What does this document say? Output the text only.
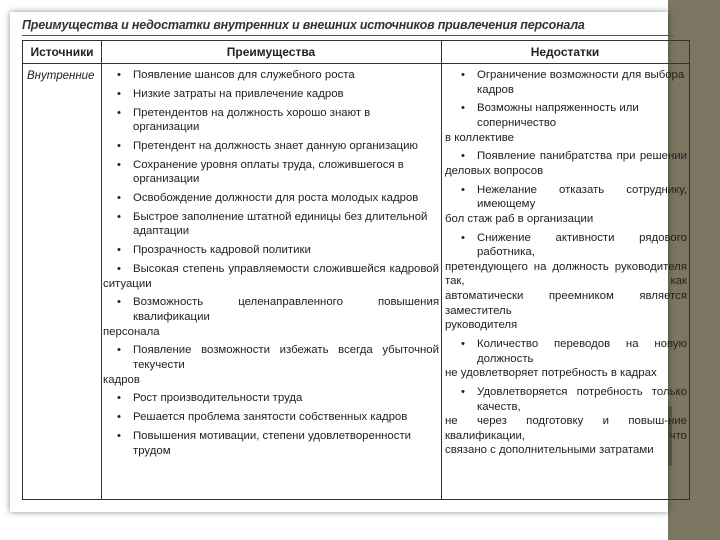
Преимущества и недостатки внутренних и внешних источников привлечения персонала
Источники	Преимущества	Недостатки
Внутренние • Появление шансов для служебного роста
• Низкие затраты на привлечение кадров
• Претендентов на должность хорошо знают в организации
• Претендент на должность знает данную организацию
• Сохранение уровня оплаты труда, сложившегося в организации
• Освобождение должности для роста молодых кадров
• Быстрое заполнение штатной единицы без длительной адаптации
• Прозрачность кадровой политики
• Высокая степень управляемости сложившейся кадровой
ситуации
• Возможность целенаправленного повышения квалификации
персонала
• Появление возможности избежать всегда убыточной текучести
кадров
• Рост производительности труда
• Решается проблема занятости собственных кадров
• Повышения мотивации, степени удовлетворенности трудом
• Ограничение возможности для выбора кадров
• Возможны напряженность или соперничество
в коллективе
• Появление панибратства при решении
деловых вопросов
• Нежелание отказать сотруднику, имеющему
бол стаж раб в организации
• Снижение активности рядового работника,
претендующего на должность руководителя так, как
автоматически преемником является заместитель
руководителя
• Количество переводов на новую должность
не удовлетворяет потребность в кадрах
• Удовлетворяется потребность только качеств,
не через подготовку и повыш-ние квалификации, что
связано с дополнительными затратами
